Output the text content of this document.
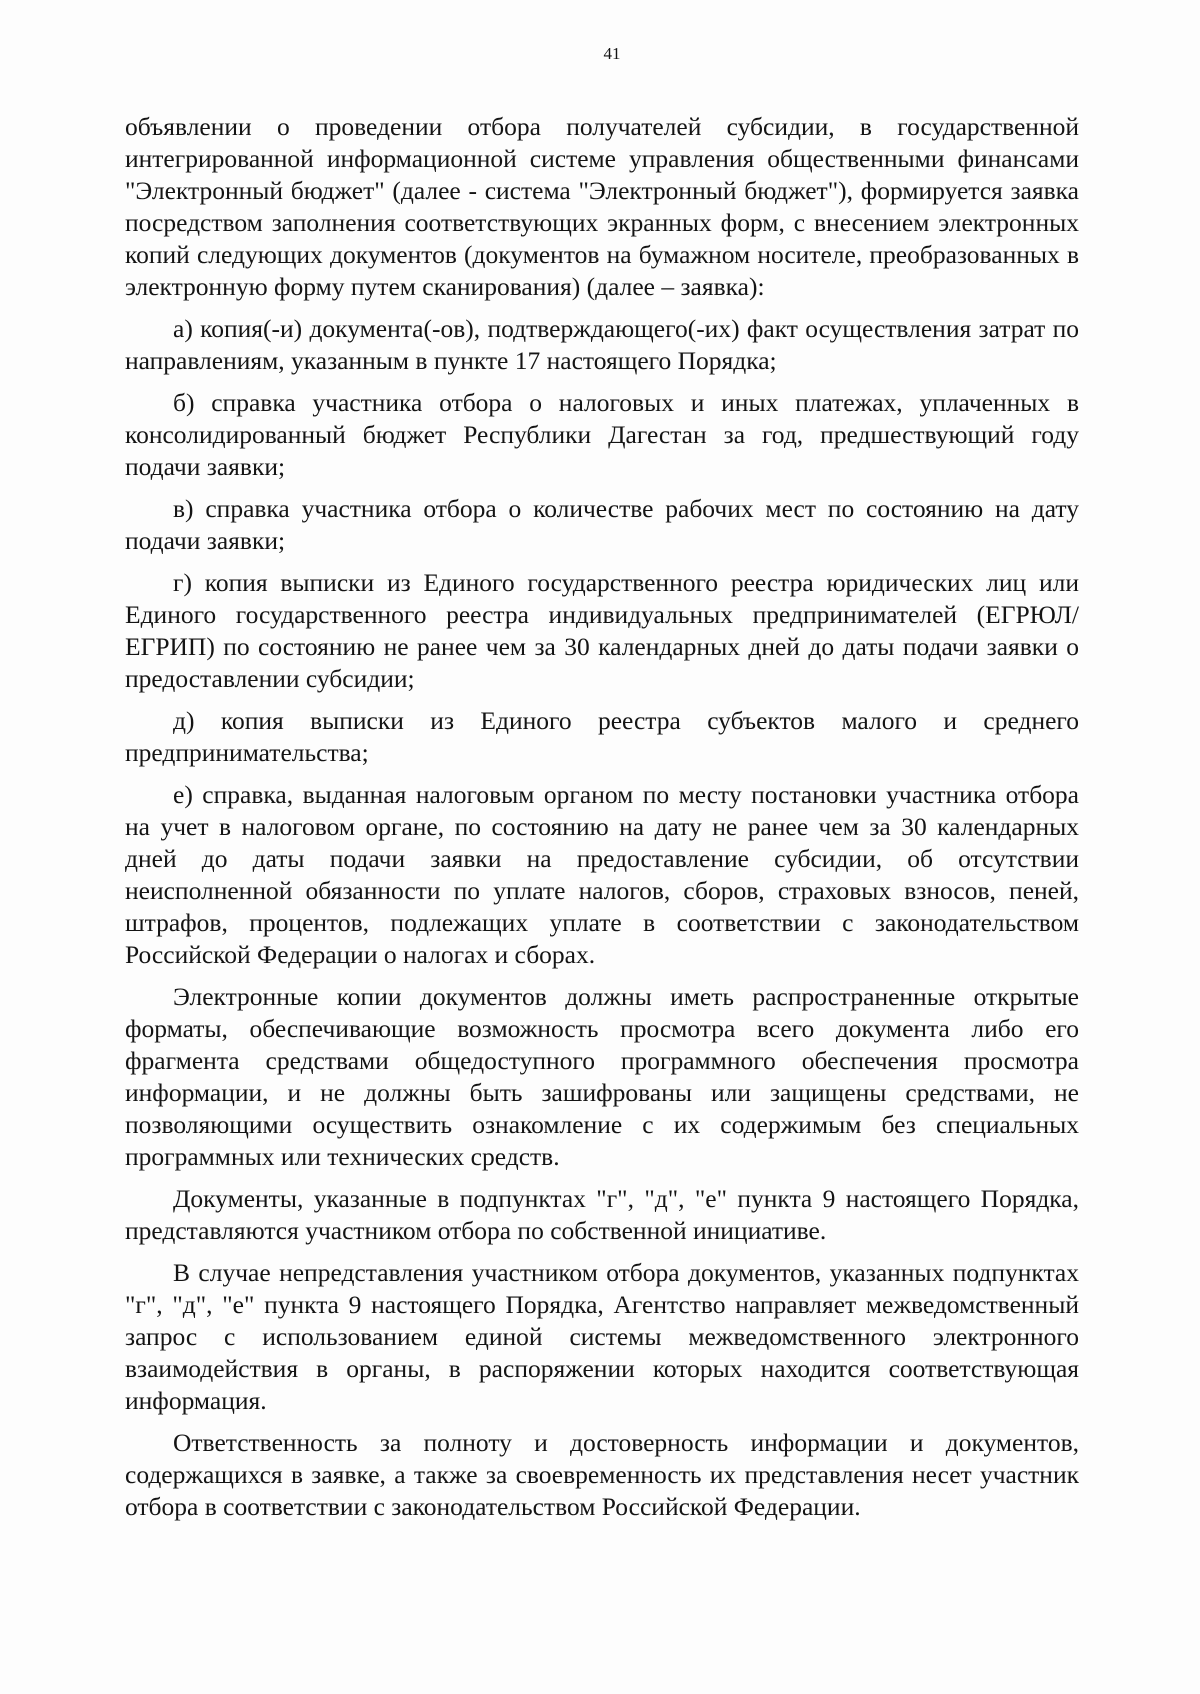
41

объявлении о проведении отбора получателей субсидии, в государственной интегрированной информационной системе управления общественными финансами "Электронный бюджет" (далее - система "Электронный бюджет"), формируется заявка посредством заполнения соответствующих экранных форм, с внесением электронных копий следующих документов (документов на бумажном носителе, преобразованных в электронную форму путем сканирования) (далее – заявка):

а) копия(-и) документа(-ов), подтверждающего(-их) факт осуществления затрат по направлениям, указанным в пункте 17 настоящего Порядка;

б) справка участника отбора о налоговых и иных платежах, уплаченных в консолидированный бюджет Республики Дагестан за год, предшествующий году подачи заявки;

в) справка участника отбора о количестве рабочих мест по состоянию на дату подачи заявки;

г) копия выписки из Единого государственного реестра юридических лиц или Единого государственного реестра индивидуальных предпринимателей (ЕГРЮЛ/ЕГРИП) по состоянию не ранее чем за 30 календарных дней до даты подачи заявки о предоставлении субсидии;

д) копия выписки из Единого реестра субъектов малого и среднего предпринимательства;

е) справка, выданная налоговым органом по месту постановки участника отбора на учет в налоговом органе, по состоянию на дату не ранее чем за 30 календарных дней до даты подачи заявки на предоставление субсидии, об отсутствии неисполненной обязанности по уплате налогов, сборов, страховых взносов, пеней, штрафов, процентов, подлежащих уплате в соответствии с законодательством Российской Федерации о налогах и сборах.

Электронные копии документов должны иметь распространенные открытые форматы, обеспечивающие возможность просмотра всего документа либо его фрагмента средствами общедоступного программного обеспечения просмотра информации, и не должны быть зашифрованы или защищены средствами, не позволяющими осуществить ознакомление с их содержимым без специальных программных или технических средств.

Документы, указанные в подпунктах "г", "д", "е" пункта 9 настоящего Порядка, представляются участником отбора по собственной инициативе.

В случае непредставления участником отбора документов, указанных подпунктах "г", "д", "е" пункта 9 настоящего Порядка, Агентство направляет межведомственный запрос с использованием единой системы межведомственного электронного взаимодействия в органы, в распоряжении которых находится соответствующая информация.

Ответственность за полноту и достоверность информации и документов, содержащихся в заявке, а также за своевременность их представления несет участник отбора в соответствии с законодательством Российской Федерации.
